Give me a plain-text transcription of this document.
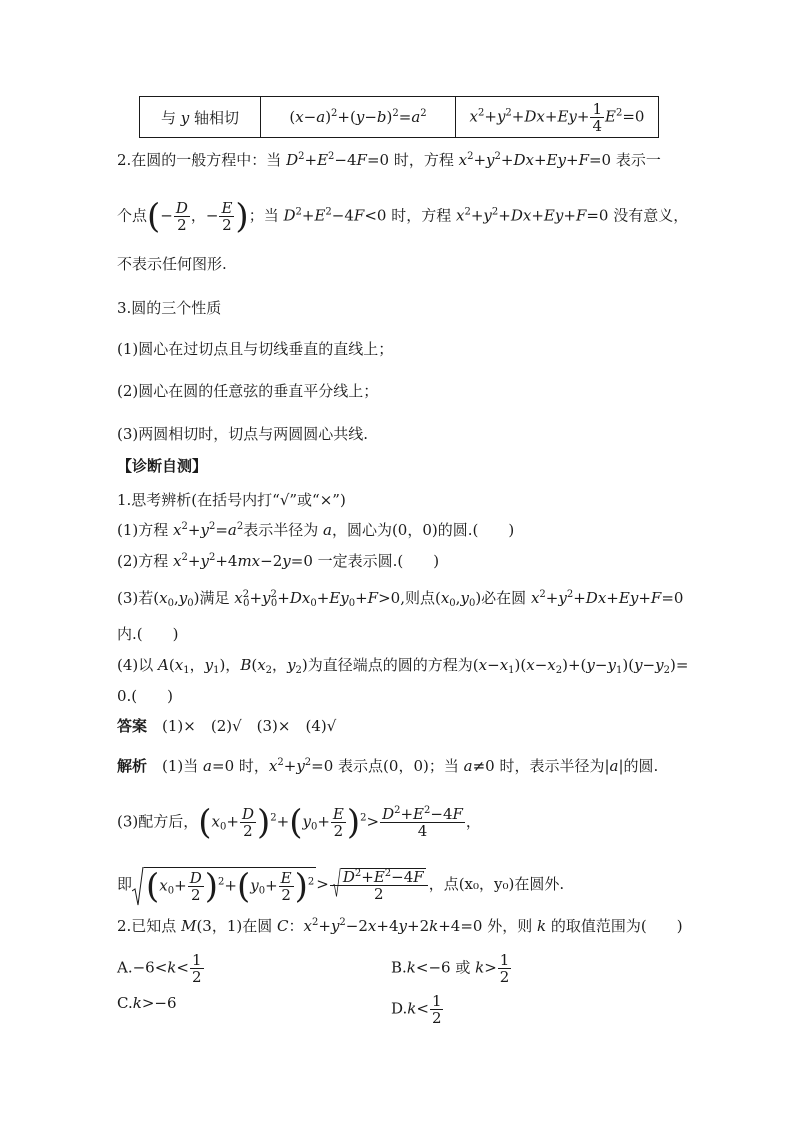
与 y 轴相切	$(x-a)^2+(y-b)^2=a^2$	$x^2+y^2+Dx+Ey+ \frac{1}{4} E^2=0$
2.在圆的一般方程中：当 $D^2+E^2-4F=0$ 时，方程 $x^2+y^2+Dx+Ey+F=0$ 表示一
个点(− $\frac{D}{2}$ ，− $\frac{E}{2}$ )；当 $D^2+E^2-4F<0$ 时，方程 $x^2+y^2+Dx+Ey+F=0$ 没有意义，
不表示任何图形.
3.圆的三个性质
(1)圆心在过切点且与切线垂直的直线上；
(2)圆心在圆的任意弦的垂直平分线上；
(3)两圆相切时，切点与两圆圆心共线.
【诊断自测】
1.思考辨析(在括号内打“√”或“×”)
(1)方程 $x^2+y^2=a^2$表示半径为 a，圆心为(0，0)的圆.(　　)
(2)方程 $x^2+y^2+4mx-2y=0$ 一定表示圆.(　　)
(3)若$(x_0,y_0)$满足 $x^2_0+y^2_0+Dx_0+Ey_0+F>0$,则点$(x_0,y_0)$必在圆 $x^2+y^2+Dx+Ey+F=0$
内.(　　)
(4)以 $A(x_1$，$y_1$)，$B(x_2$，$y_2$)为直径端点的圆的方程为$(x-x_1)(x-x_2)+(y-y_1)(y-y_2)=$
0.(　　)
答案　 (1)×　(2)√　(3)×　(4)√
解析　(1)当 a=0 时，$x^2+y^2=0$ 表示点(0，0)；当 a≠0 时，表示半径为|a|的圆.
(3)配方后，$(x_0+ \frac{D}{2} )^2+(y_0+ \frac{E}{2} )^2> \frac{D^2+E^2-4F}{4}$ ，
即 $(x_0+ \frac{D}{2} )^2+(y_0+ \frac{E}{2} )^2 > \frac{D^2+E^2-4F}{2}$ ，点(x₀，y₀)在圆外.
2.已知点 M(3，1)在圆 C：$x^2+y^2-2x+4y+2k+4=0$ 外，则 k 的取值范围为(　　)
$A.-6<k< \frac{1}{2}$	B.k<−6 或 $k> \frac{1}{2}$
C.k>−6	$D.k< \frac{1}{2}$
